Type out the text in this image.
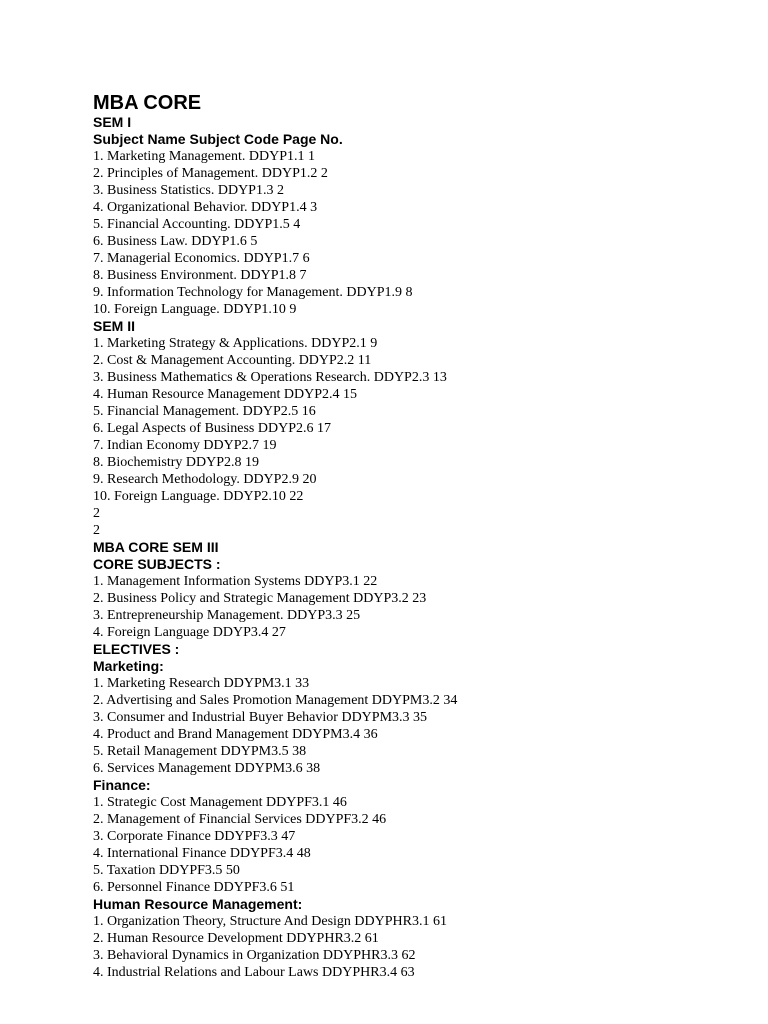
MBA CORE
SEM I
Subject Name Subject Code Page No.
1. Marketing Management. DDYP1.1 1
2. Principles of Management. DDYP1.2 2
3. Business Statistics. DDYP1.3 2
4. Organizational Behavior. DDYP1.4 3
5. Financial Accounting. DDYP1.5 4
6. Business Law. DDYP1.6 5
7. Managerial Economics. DDYP1.7 6
8. Business Environment. DDYP1.8 7
9. Information Technology for Management. DDYP1.9 8
10. Foreign Language. DDYP1.10 9
SEM II
1. Marketing Strategy & Applications. DDYP2.1 9
2. Cost & Management Accounting. DDYP2.2 11
3. Business Mathematics & Operations Research. DDYP2.3 13
4. Human Resource Management DDYP2.4 15
5. Financial Management. DDYP2.5 16
6. Legal Aspects of Business DDYP2.6 17
7. Indian Economy DDYP2.7 19
8. Biochemistry DDYP2.8 19
9. Research Methodology. DDYP2.9 20
10. Foreign Language. DDYP2.10 22
2
2
MBA CORE SEM III
CORE SUBJECTS :
1. Management Information Systems DDYP3.1 22
2. Business Policy and Strategic Management DDYP3.2 23
3. Entrepreneurship Management. DDYP3.3 25
4. Foreign Language DDYP3.4 27
ELECTIVES :
Marketing:
1. Marketing Research DDYPM3.1 33
2. Advertising and Sales Promotion Management DDYPM3.2 34
3. Consumer and Industrial Buyer Behavior DDYPM3.3 35
4. Product and Brand Management DDYPM3.4 36
5. Retail Management DDYPM3.5 38
6. Services Management DDYPM3.6 38
Finance:
1. Strategic Cost Management DDYPF3.1 46
2. Management of Financial Services DDYPF3.2 46
3. Corporate Finance DDYPF3.3 47
4. International Finance DDYPF3.4 48
5. Taxation DDYPF3.5 50
6. Personnel Finance DDYPF3.6 51
Human Resource Management:
1. Organization Theory, Structure And Design DDYPHR3.1 61
2. Human Resource Development DDYPHR3.2 61
3. Behavioral Dynamics in Organization DDYPHR3.3 62
4. Industrial Relations and Labour Laws DDYPHR3.4 63
